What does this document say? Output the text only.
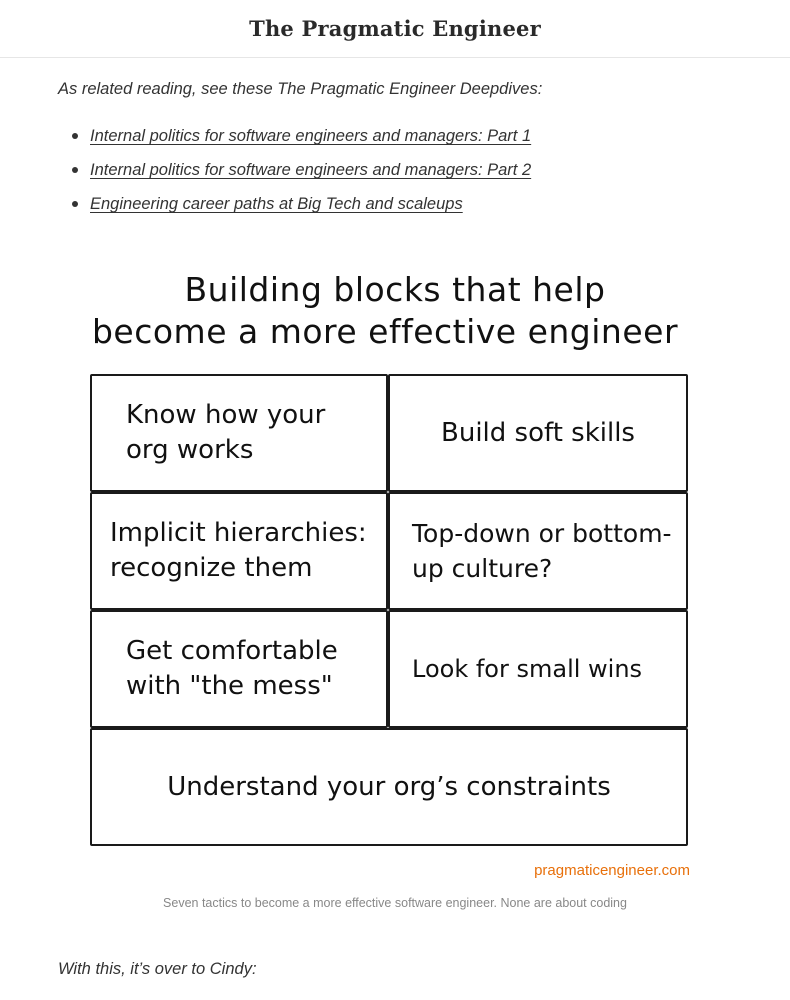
The Pragmatic Engineer

As related reading, see these The Pragmatic Engineer Deepdives:

Internal politics for software engineers and managers: Part 1
Internal politics for software engineers and managers: Part 2
Engineering career paths at Big Tech and scaleups
Building blocks that help
become a more effective engineer
Know how your org works
Build soft skills
Implicit hierarchies: recognize them
Top-down or bottom-up culture?
Get comfortable with "the mess"
Look for small wins
Understand your org’s constraints
pragmaticengineer.com

Seven tactics to become a more effective software engineer. None are about coding

With this, it’s over to Cindy:
